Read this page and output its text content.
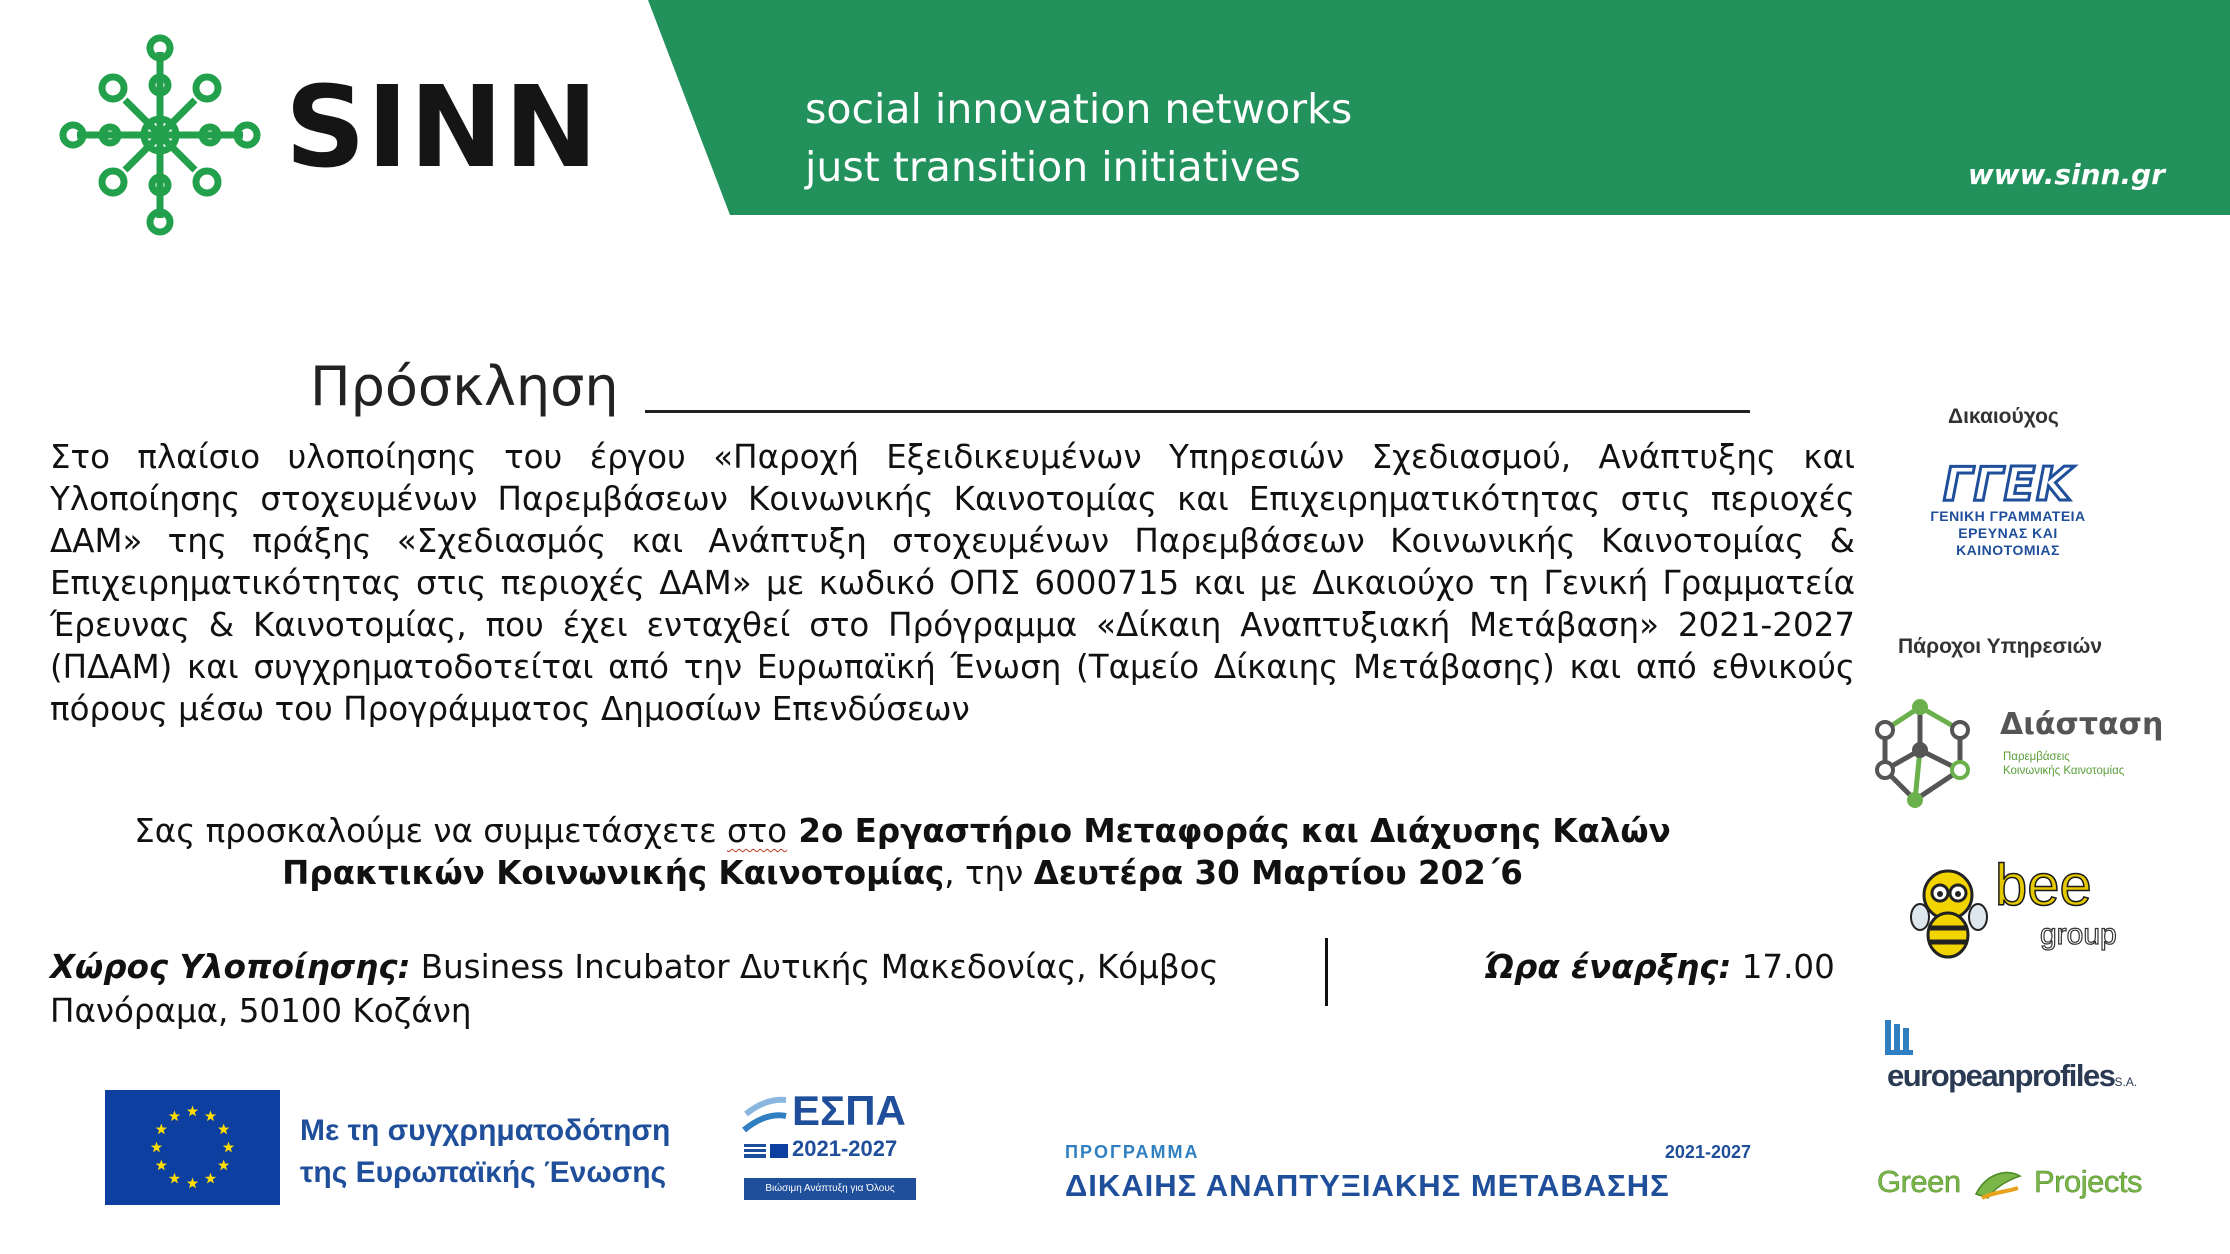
SINN	social innovation networks
just transition initiatives	www.sinn.gr
Πρόσκληση

Στο πλαίσιο υλοποίησης του έργου «Παροχή Εξειδικευμένων Υπηρεσιών Σχεδιασμού, Ανάπτυξης και Υλοποίησης στοχευμένων Παρεμβάσεων Κοινωνικής Καινοτομίας και Επιχειρηματικότητας στις περιοχές ΔΑΜ» της πράξης «Σχεδιασμός και Ανάπτυξη στοχευμένων Παρεμβάσεων Κοινωνικής Καινοτομίας & Επιχειρηματικότητας στις περιοχές ΔΑΜ» με κωδικό ΟΠΣ 6000715 και με Δικαιούχο τη Γενική Γραμματεία Έρευνας & Καινοτομίας, που έχει ενταχθεί στο Πρόγραμμα «Δίκαιη Αναπτυξιακή Μετάβαση» 2021-2027 (ΠΔΑΜ) και συγχρηματοδοτείται από την Ευρωπαϊκή Ένωση (Ταμείο Δίκαιης Μετάβασης) και από εθνικούς πόρους μέσω του Προγράμματος Δημοσίων Επενδύσεων

Σας προσκαλούμε να συμμετάσχετε στο 2ο Εργαστήριο Μεταφοράς και Διάχυσης Καλών Πρακτικών Κοινωνικής Καινοτομίας, την Δευτέρα 30 Μαρτίου 202΄6

Χώρος Υλοποίησης: Business Incubator Δυτικής Μακεδονίας, Κόμβος Πανόραμα, 50100 Κοζάνη

Ώρα έναρξης: 17.00

Δικαιούχος
ΓΓΕΚ
ΓΕΝΙΚΗ ΓΡΑΜΜΑΤΕΙΑ
ΕΡΕΥΝΑΣ ΚΑΙ ΚΑΙΝΟΤΟΜΙΑΣ
Πάροχοι Υπηρεσιών
Διάσταση
Παρεμβάσεις
Κοινωνικής Καινοτομίας
bee
group
europeanprofilesS.A.
Green Projects
Με τη συγχρηματοδότηση
της Ευρωπαϊκής Ένωσης
ΕΣΠΑ
2021-2027
Βιώσιμη Ανάπτυξη για Όλους
ΠΡΟΓΡΑΜΜΑ	2021-2027
ΔΙΚΑΙΗΣ ΑΝΑΠΤΥΞΙΑΚΗΣ ΜΕΤΑΒΑΣΗΣ
